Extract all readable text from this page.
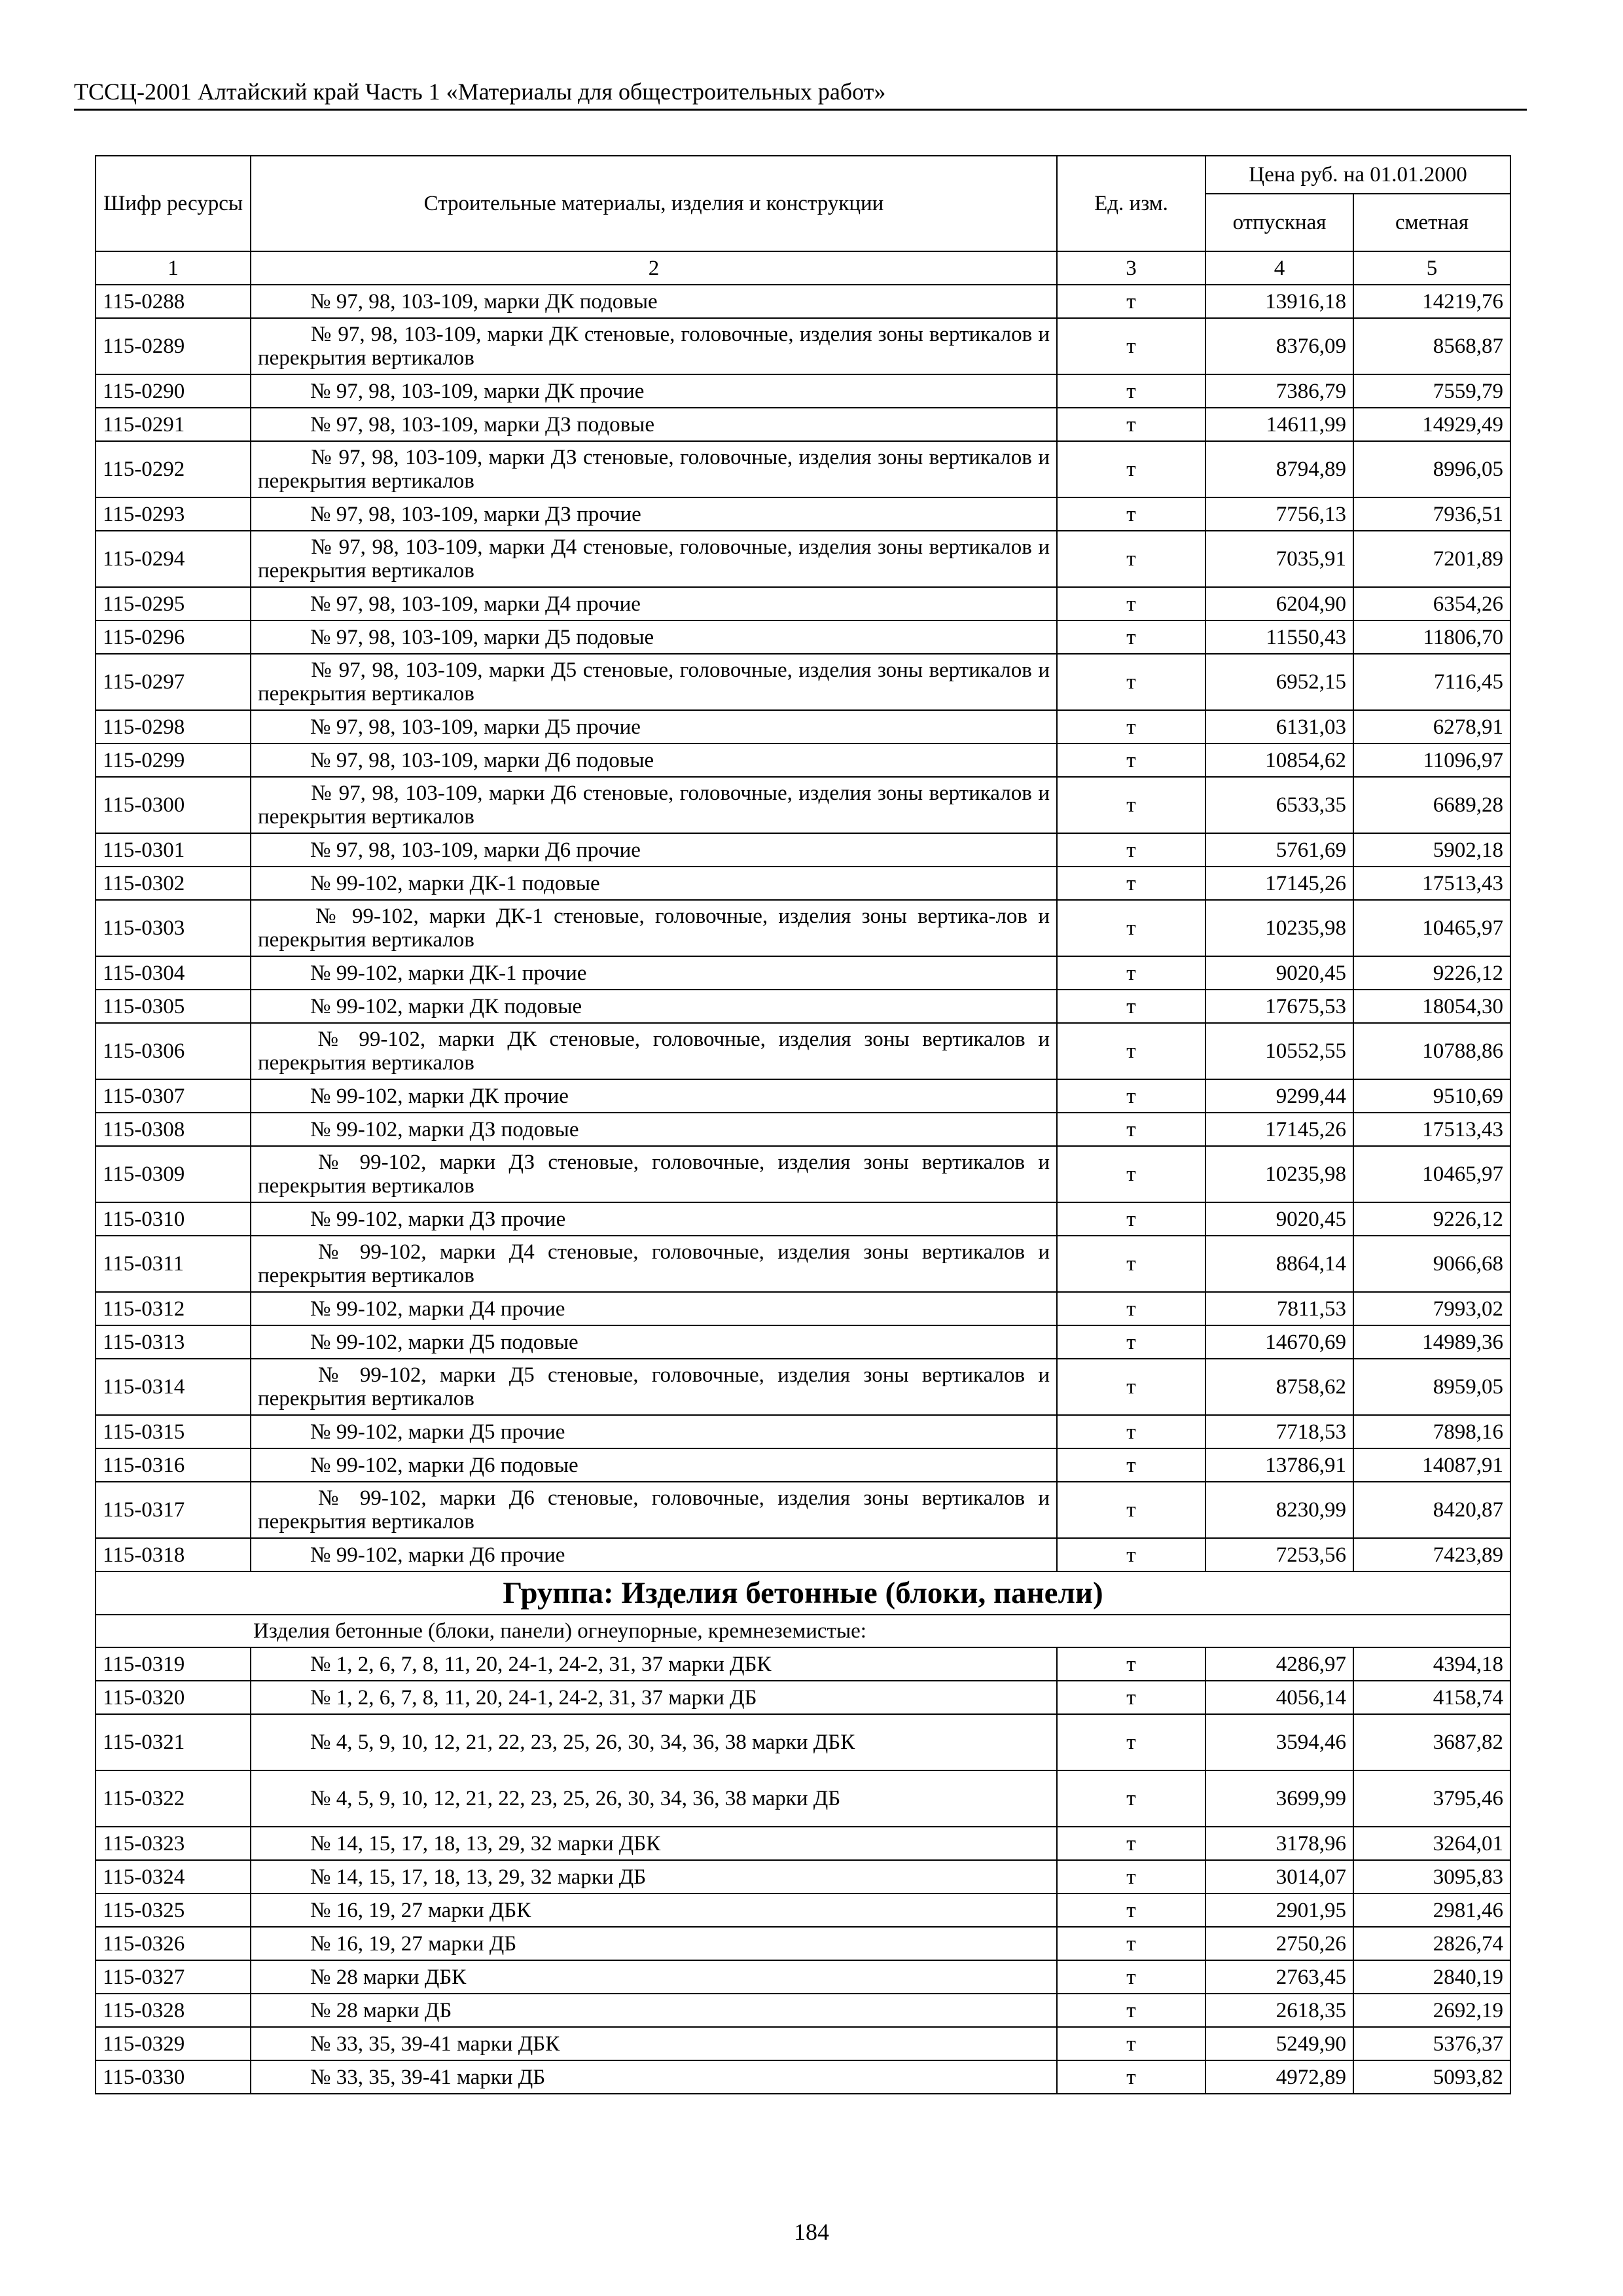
ТССЦ-2001 Алтайский край Часть 1 «Материалы для общестроительных работ»
Шифр ресурсы	Строительные материалы, изделия и конструкции	Ед. изм.	Цена руб. на 01.01.2000	
			отпускная	сметная
1	2	3	4	5
115-0288	№ 97, 98, 103-109, марки ДК подовые	т	13916,18	14219,76
115-0289	№ 97, 98, 103-109, марки ДК стеновые, головочные, изделия зоны вертикалов и перекрытия вертикалов	т	8376,09	8568,87
115-0290	№ 97, 98, 103-109, марки ДК прочие	т	7386,79	7559,79
115-0291	№ 97, 98, 103-109, марки ДЗ подовые	т	14611,99	14929,49
115-0292	№ 97, 98, 103-109, марки ДЗ стеновые, головочные, изделия зоны вертикалов и перекрытия вертикалов	т	8794,89	8996,05
115-0293	№ 97, 98, 103-109, марки ДЗ прочие	т	7756,13	7936,51
115-0294	№ 97, 98, 103-109, марки Д4 стеновые, головочные, изделия зоны вертикалов и перекрытия вертикалов	т	7035,91	7201,89
115-0295	№ 97, 98, 103-109, марки Д4 прочие	т	6204,90	6354,26
115-0296	№ 97, 98, 103-109, марки Д5 подовые	т	11550,43	11806,70
115-0297	№ 97, 98, 103-109, марки Д5 стеновые, головочные, изделия зоны вертикалов и перекрытия вертикалов	т	6952,15	7116,45
115-0298	№ 97, 98, 103-109, марки Д5 прочие	т	6131,03	6278,91
115-0299	№ 97, 98, 103-109, марки Д6 подовые	т	10854,62	11096,97
115-0300	№ 97, 98, 103-109, марки Д6 стеновые, головочные, изделия зоны вертикалов и перекрытия вертикалов	т	6533,35	6689,28
115-0301	№ 97, 98, 103-109, марки Д6 прочие	т	5761,69	5902,18
115-0302	№ 99-102, марки ДК-1 подовые	т	17145,26	17513,43
115-0303	№ 99-102, марки ДК-1 стеновые, головочные, изделия зоны вертика-лов и перекрытия вертикалов	т	10235,98	10465,97
115-0304	№ 99-102, марки ДК-1 прочие	т	9020,45	9226,12
115-0305	№ 99-102, марки ДК подовые	т	17675,53	18054,30
115-0306	№ 99-102, марки ДК стеновые, головочные, изделия зоны вертикалов и перекрытия вертикалов	т	10552,55	10788,86
115-0307	№ 99-102, марки ДК прочие	т	9299,44	9510,69
115-0308	№ 99-102, марки ДЗ подовые	т	17145,26	17513,43
115-0309	№ 99-102, марки ДЗ стеновые, головочные, изделия зоны вертикалов и перекрытия вертикалов	т	10235,98	10465,97
115-0310	№ 99-102, марки ДЗ прочие	т	9020,45	9226,12
115-0311	№ 99-102, марки Д4 стеновые, головочные, изделия зоны вертикалов и перекрытия вертикалов	т	8864,14	9066,68
115-0312	№ 99-102, марки Д4 прочие	т	7811,53	7993,02
115-0313	№ 99-102, марки Д5 подовые	т	14670,69	14989,36
115-0314	№ 99-102, марки Д5 стеновые, головочные, изделия зоны вертикалов и перекрытия вертикалов	т	8758,62	8959,05
115-0315	№ 99-102, марки Д5 прочие	т	7718,53	7898,16
115-0316	№ 99-102, марки Д6 подовые	т	13786,91	14087,91
115-0317	№ 99-102, марки Д6 стеновые, головочные, изделия зоны вертикалов и перекрытия вертикалов	т	8230,99	8420,87
115-0318	№ 99-102, марки Д6 прочие	т	7253,56	7423,89
Группа: Изделия бетонные (блоки, панели)				
Изделия бетонные (блоки, панели) огнеупорные, кремнеземистые:				
115-0319	№ 1, 2, 6, 7, 8, 11, 20, 24-1, 24-2, 31, 37 марки ДБК	т	4286,97	4394,18
115-0320	№ 1, 2, 6, 7, 8, 11, 20, 24-1, 24-2, 31, 37 марки ДБ	т	4056,14	4158,74
115-0321	№ 4, 5, 9, 10, 12, 21, 22, 23, 25, 26, 30, 34, 36, 38 марки ДБК	т	3594,46	3687,82
115-0322	№ 4, 5, 9, 10, 12, 21, 22, 23, 25, 26, 30, 34, 36, 38 марки ДБ	т	3699,99	3795,46
115-0323	№ 14, 15, 17, 18, 13, 29, 32 марки ДБК	т	3178,96	3264,01
115-0324	№ 14, 15, 17, 18, 13, 29, 32 марки ДБ	т	3014,07	3095,83
115-0325	№ 16, 19, 27 марки ДБК	т	2901,95	2981,46
115-0326	№ 16, 19, 27 марки ДБ	т	2750,26	2826,74
115-0327	№ 28 марки ДБК	т	2763,45	2840,19
115-0328	№ 28 марки ДБ	т	2618,35	2692,19
115-0329	№ 33, 35, 39-41 марки ДБК	т	5249,90	5376,37
115-0330	№ 33, 35, 39-41 марки ДБ	т	4972,89	5093,82
184
